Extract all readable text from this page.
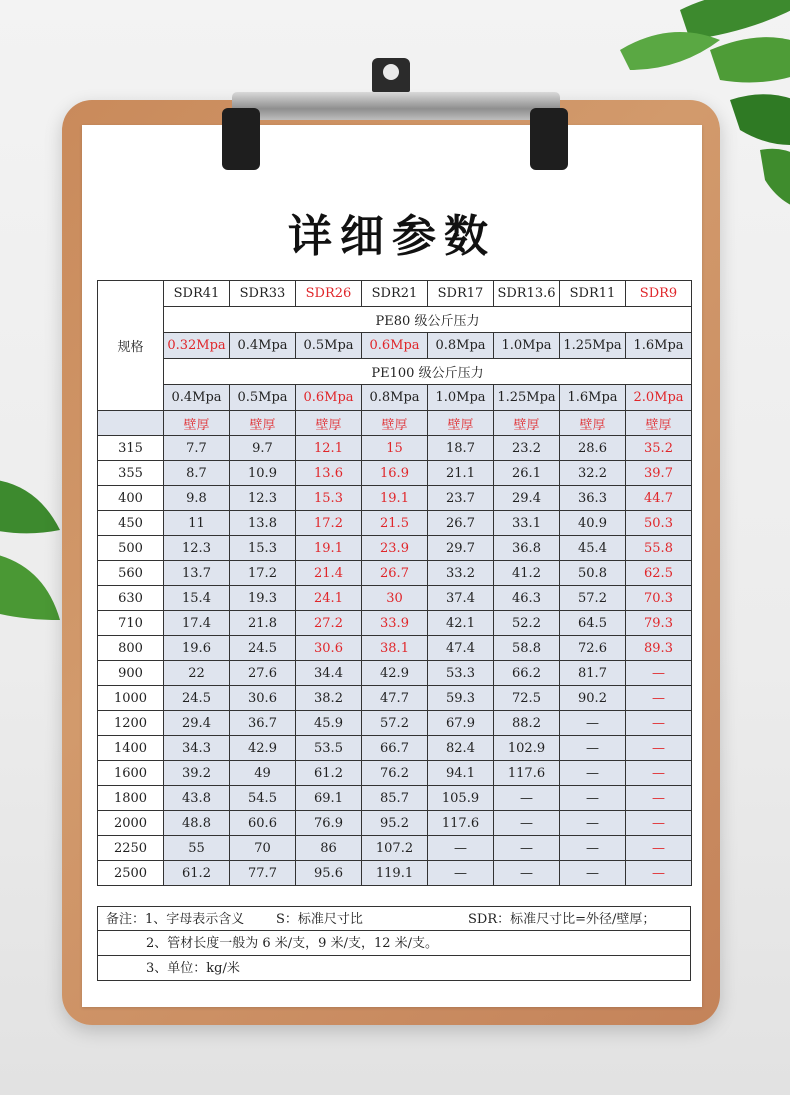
详细参数
规格	SDR41	SDR33	SDR26	SDR21	SDR17	SDR13.6	SDR11	SDR9
	PE80 级公斤压力							
	0.32Mpa	0.4Mpa	0.5Mpa	0.6Mpa	0.8Mpa	1.0Mpa	1.25Mpa	1.6Mpa
	PE100 级公斤压力							
	0.4Mpa	0.5Mpa	0.6Mpa	0.8Mpa	1.0Mpa	1.25Mpa	1.6Mpa	2.0Mpa
	壁厚	壁厚	壁厚	壁厚	壁厚	壁厚	壁厚	壁厚
315	7.7	9.7	12.1	15	18.7	23.2	28.6	35.2
355	8.7	10.9	13.6	16.9	21.1	26.1	32.2	39.7
400	9.8	12.3	15.3	19.1	23.7	29.4	36.3	44.7
450	11	13.8	17.2	21.5	26.7	33.1	40.9	50.3
500	12.3	15.3	19.1	23.9	29.7	36.8	45.4	55.8
560	13.7	17.2	21.4	26.7	33.2	41.2	50.8	62.5
630	15.4	19.3	24.1	30	37.4	46.3	57.2	70.3
710	17.4	21.8	27.2	33.9	42.1	52.2	64.5	79.3
800	19.6	24.5	30.6	38.1	47.4	58.8	72.6	89.3
900	22	27.6	34.4	42.9	53.3	66.2	81.7	—
1000	24.5	30.6	38.2	47.7	59.3	72.5	90.2	—
1200	29.4	36.7	45.9	57.2	67.9	88.2	—	—
1400	34.3	42.9	53.5	66.7	82.4	102.9	—	—
1600	39.2	49	61.2	76.2	94.1	117.6	—	—
1800	43.8	54.5	69.1	85.7	105.9	—	—	—
2000	48.8	60.6	76.9	95.2	117.6	—	—	—
2250	55	70	86	107.2	—	—	—	—
2500	61.2	77.7	95.6	119.1	—	—	—	—
备注：1、字母表示含义 S：标准尺寸比	SDR：标准尺寸比=外径/壁厚；
2、管材长度一般为 6 米/支，9 米/支，12 米/支。
3、单位：kg/米
